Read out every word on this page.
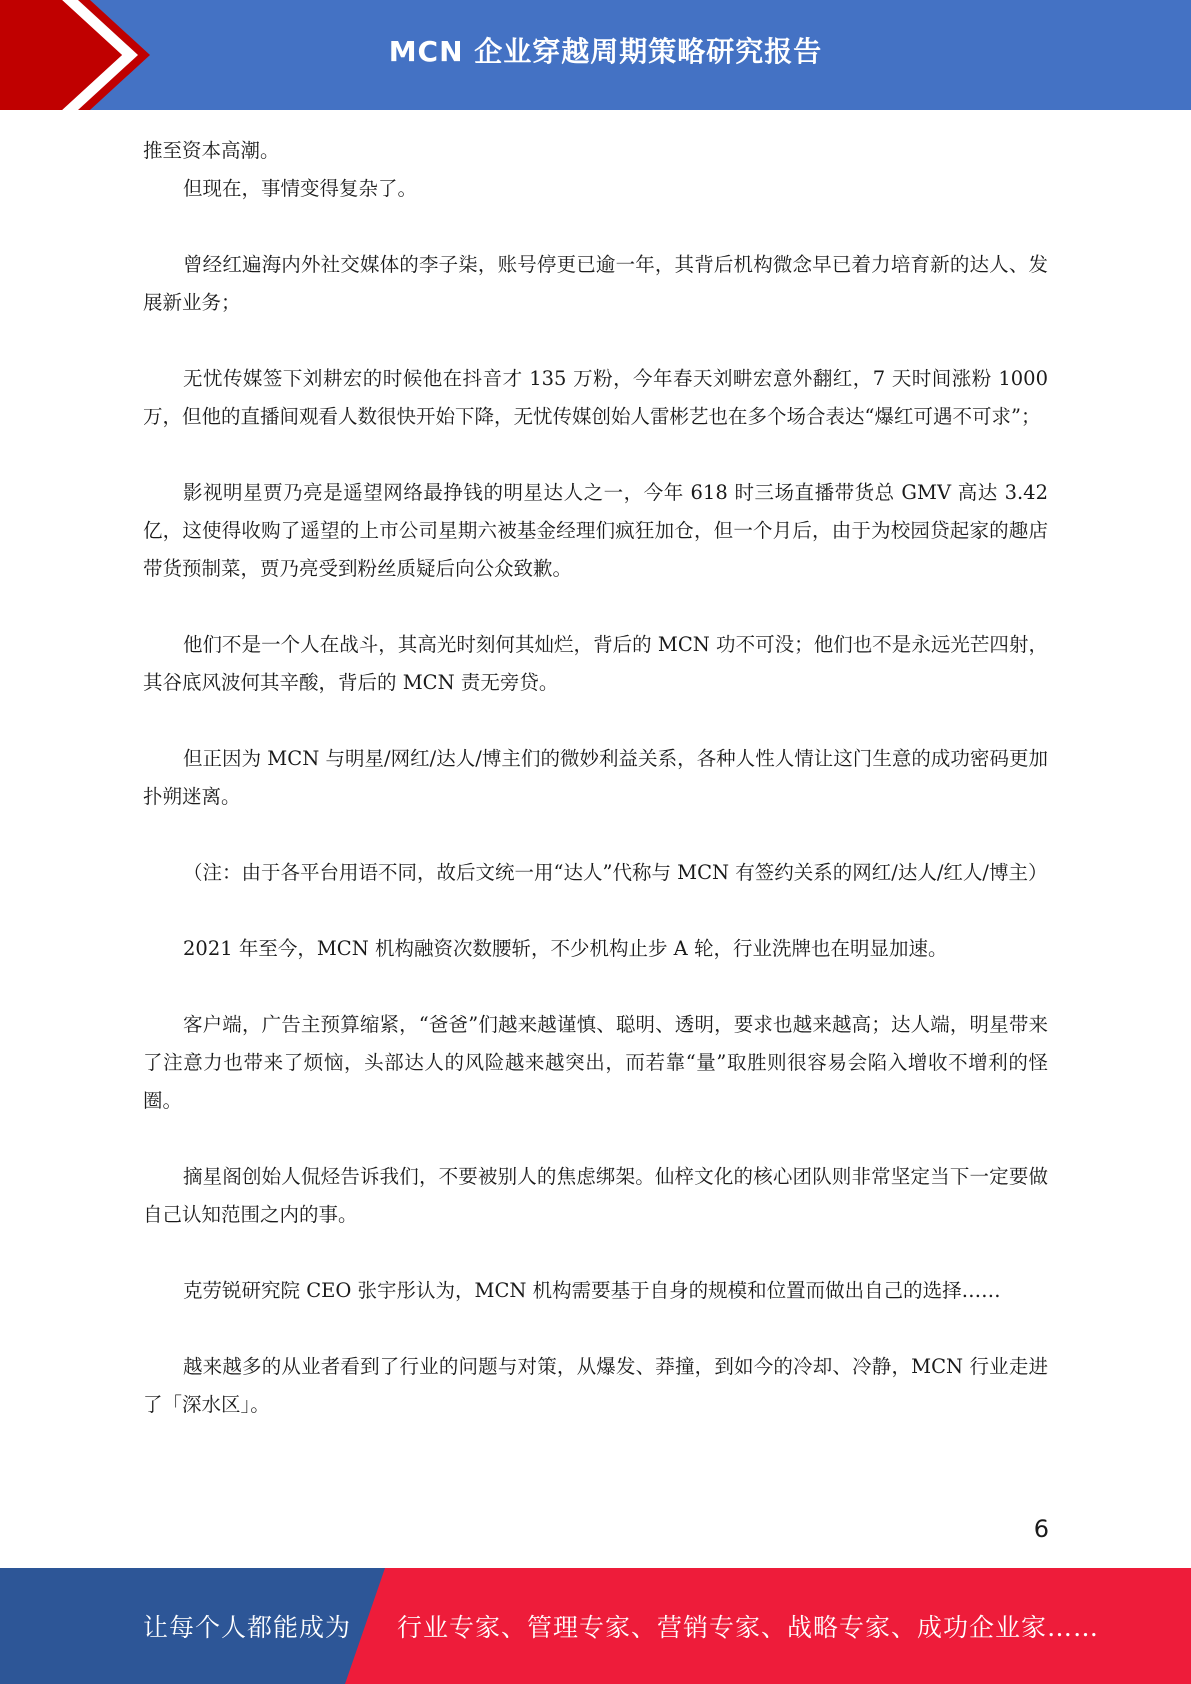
MCN 企业穿越周期策略研究报告

推至资本高潮。

但现在，事情变得复杂了。

曾经红遍海内外社交媒体的李子柒，账号停更已逾一年，其背后机构微念早已着力培育新的达人、发展新业务；

无忧传媒签下刘耕宏的时候他在抖音才 135 万粉，今年春天刘畊宏意外翻红，7 天时间涨粉 1000 万，但他的直播间观看人数很快开始下降，无忧传媒创始人雷彬艺也在多个场合表达“爆红可遇不可求”；

影视明星贾乃亮是遥望网络最挣钱的明星达人之一，今年 618 时三场直播带货总 GMV 高达 3.42 亿，这使得收购了遥望的上市公司星期六被基金经理们疯狂加仓，但一个月后，由于为校园贷起家的趣店带货预制菜，贾乃亮受到粉丝质疑后向公众致歉。

他们不是一个人在战斗，其高光时刻何其灿烂，背后的 MCN 功不可没；他们也不是永远光芒四射，其谷底风波何其辛酸，背后的 MCN 责无旁贷。

但正因为 MCN 与明星/网红/达人/博主们的微妙利益关系，各种人性人情让这门生意的成功密码更加扑朔迷离。

（注：由于各平台用语不同，故后文统一用“达人”代称与 MCN 有签约关系的网红/达人/红人/博主）

2021 年至今，MCN 机构融资次数腰斩，不少机构止步 A 轮，行业洗牌也在明显加速。

客户端，广告主预算缩紧，“爸爸”们越来越谨慎、聪明、透明，要求也越来越高；达人端，明星带来了注意力也带来了烦恼，头部达人的风险越来越突出，而若靠“量”取胜则很容易会陷入增收不增利的怪圈。

摘星阁创始人侃烃告诉我们，不要被别人的焦虑绑架。仙梓文化的核心团队则非常坚定当下一定要做自己认知范围之内的事。

克劳锐研究院 CEO 张宇彤认为，MCN 机构需要基于自身的规模和位置而做出自己的选择……

越来越多的从业者看到了行业的问题与对策，从爆发、莽撞，到如今的冷却、冷静，MCN 行业走进了「深水区」。

6
让每个人都能成为 行业专家、管理专家、营销专家、战略专家、成功企业家……
